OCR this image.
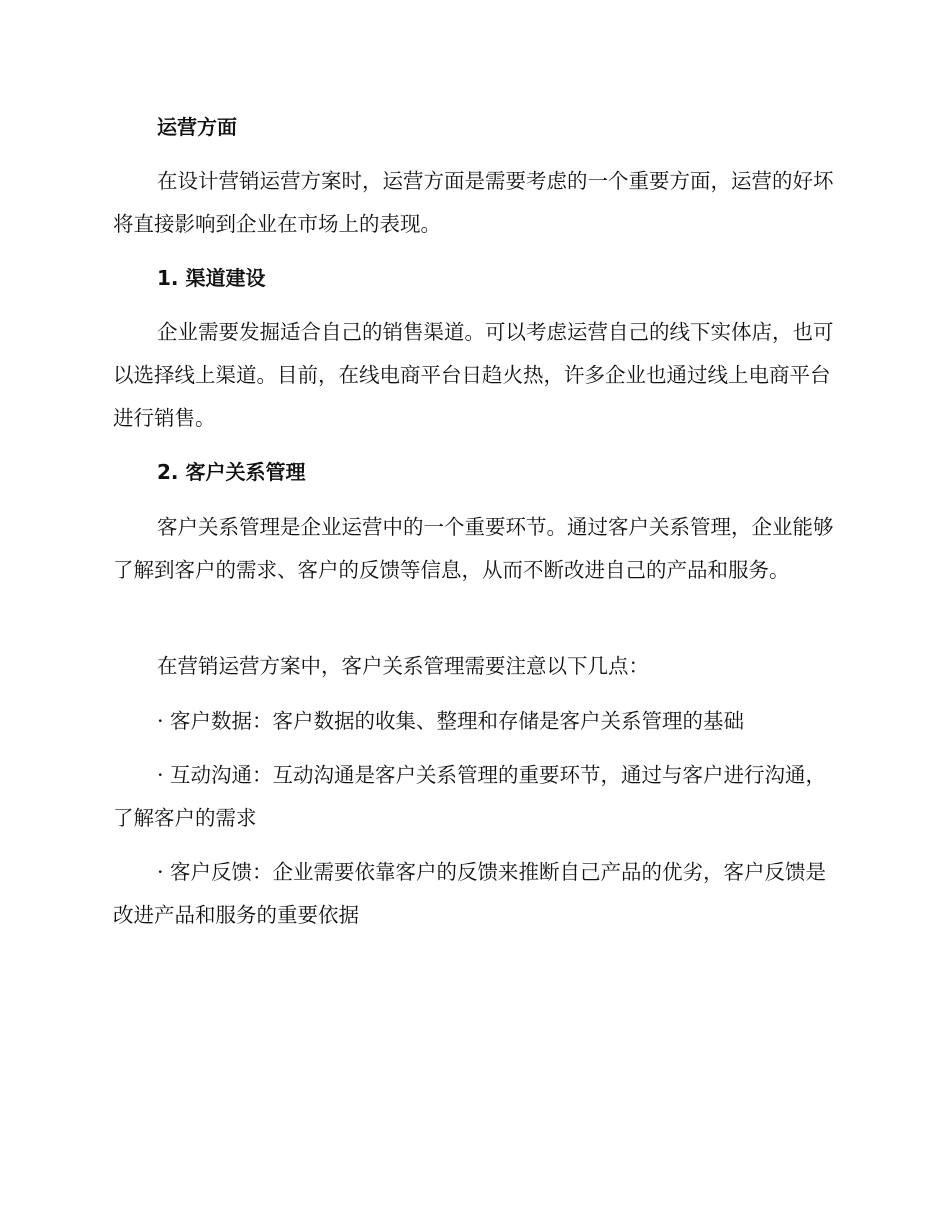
运营方面

在设计营销运营方案时，运营方面是需要考虑的一个重要方面，运营的好坏将直接影响到企业在市场上的表现。

1. 渠道建设

企业需要发掘适合自己的销售渠道。可以考虑运营自己的线下实体店，也可以选择线上渠道。目前，在线电商平台日趋火热，许多企业也通过线上电商平台进行销售。

2. 客户关系管理

客户关系管理是企业运营中的一个重要环节。通过客户关系管理，企业能够了解到客户的需求、客户的反馈等信息，从而不断改进自己的产品和服务。

在营销运营方案中，客户关系管理需要注意以下几点：

· 客户数据：客户数据的收集、整理和存储是客户关系管理的基础

· 互动沟通：互动沟通是客户关系管理的重要环节，通过与客户进行沟通，了解客户的需求

· 客户反馈：企业需要依靠客户的反馈来推断自己产品的优劣，客户反馈是改进产品和服务的重要依据
